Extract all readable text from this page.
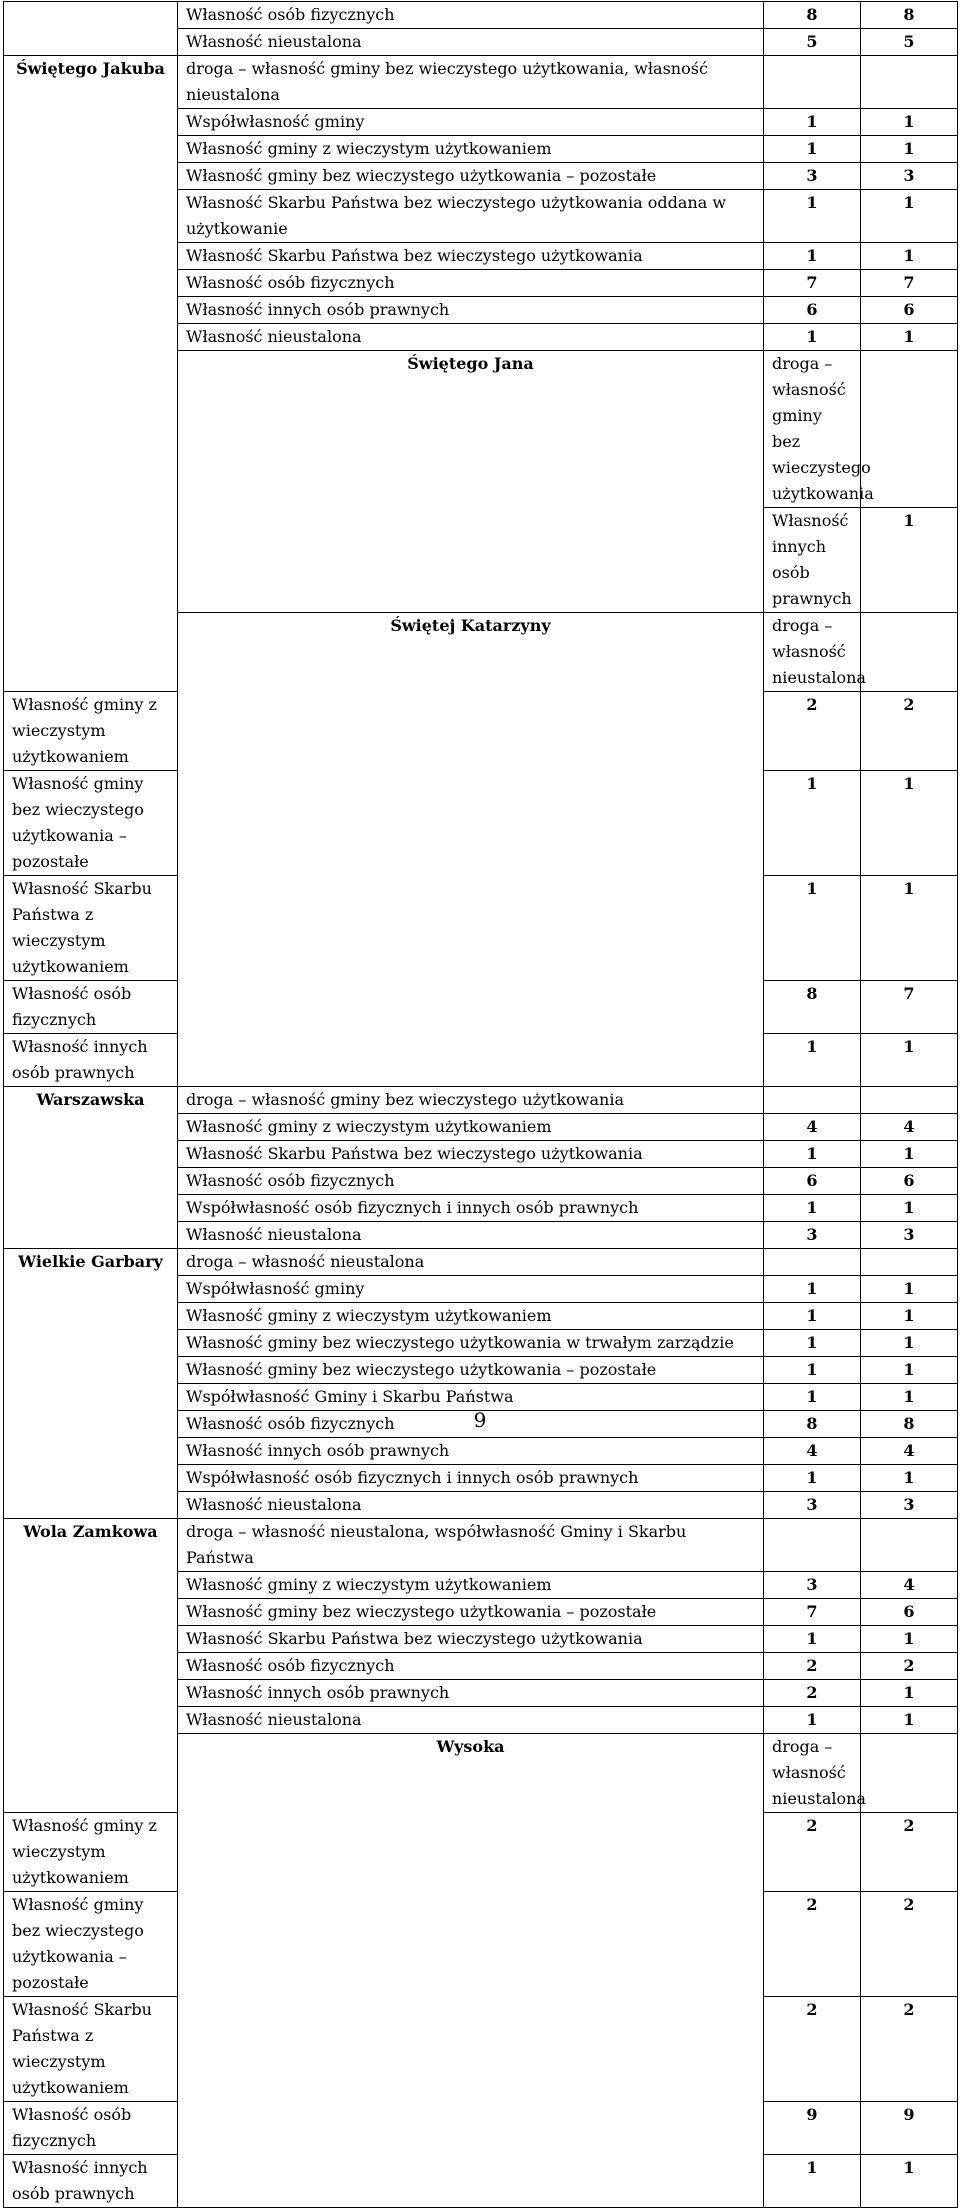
	Własność osób fizycznych	8	8	
	Własność nieustalona	5	5	
Świętego Jakuba	droga – własność gminy bez wieczystego użytkowania, własność nieustalona			
	Współwłasność gminy	1	1	
	Własność gminy z wieczystym użytkowaniem	1	1	
	Własność gminy bez wieczystego użytkowania – pozostałe	3	3	
	Własność Skarbu Państwa bez wieczystego użytkowania oddana w użytkowanie	1	1	
	Własność Skarbu Państwa bez wieczystego użytkowania	1	1	
	Własność osób fizycznych	7	7	
	Własność innych osób prawnych	6	6	
	Własność nieustalona	1	1	
	Świętego Jana	droga – własność gminy bez wieczystego użytkowania		
		Własność innych osób prawnych	1	
	Świętej Katarzyny	droga – własność nieustalona		
Własność gminy z wieczystym użytkowaniem		2	2	
Własność gminy bez wieczystego użytkowania – pozostałe		1	1	
Własność Skarbu Państwa z wieczystym użytkowaniem		1	1	
Własność osób fizycznych		8	7	
Własność innych osób prawnych		1	1	
Warszawska	droga – własność gminy bez wieczystego użytkowania			
	Własność gminy z wieczystym użytkowaniem	4	4	
	Własność Skarbu Państwa bez wieczystego użytkowania	1	1	
	Własność osób fizycznych	6	6	
	Współwłasność osób fizycznych i innych osób prawnych	1	1	
	Własność nieustalona	3	3	
Wielkie Garbary	droga – własność nieustalona			
	Współwłasność gminy	1	1	
	Własność gminy z wieczystym użytkowaniem	1	1	
	Własność gminy bez wieczystego użytkowania w trwałym zarządzie	1	1	
	Własność gminy bez wieczystego użytkowania – pozostałe	1	1	
	Współwłasność Gminy i Skarbu Państwa	1	1	
	Własność osób fizycznych	8	8	
	Własność innych osób prawnych	4	4	
	Współwłasność osób fizycznych i innych osób prawnych	1	1	
	Własność nieustalona	3	3	
Wola Zamkowa	droga – własność nieustalona, współwłasność Gminy i Skarbu Państwa			
	Własność gminy z wieczystym użytkowaniem	3	4	
	Własność gminy bez wieczystego użytkowania – pozostałe	7	6	
	Własność Skarbu Państwa bez wieczystego użytkowania	1	1	
	Własność osób fizycznych	2	2	
	Własność innych osób prawnych	2	1	
	Własność nieustalona	1	1	
	Wysoka	droga – własność nieustalona		
Własność gminy z wieczystym użytkowaniem		2	2	
Własność gminy bez wieczystego użytkowania – pozostałe		2	2	
Własność Skarbu Państwa z wieczystym użytkowaniem		2	2	
Własność osób fizycznych		9	9	
Własność innych osób prawnych		1	1	
9
